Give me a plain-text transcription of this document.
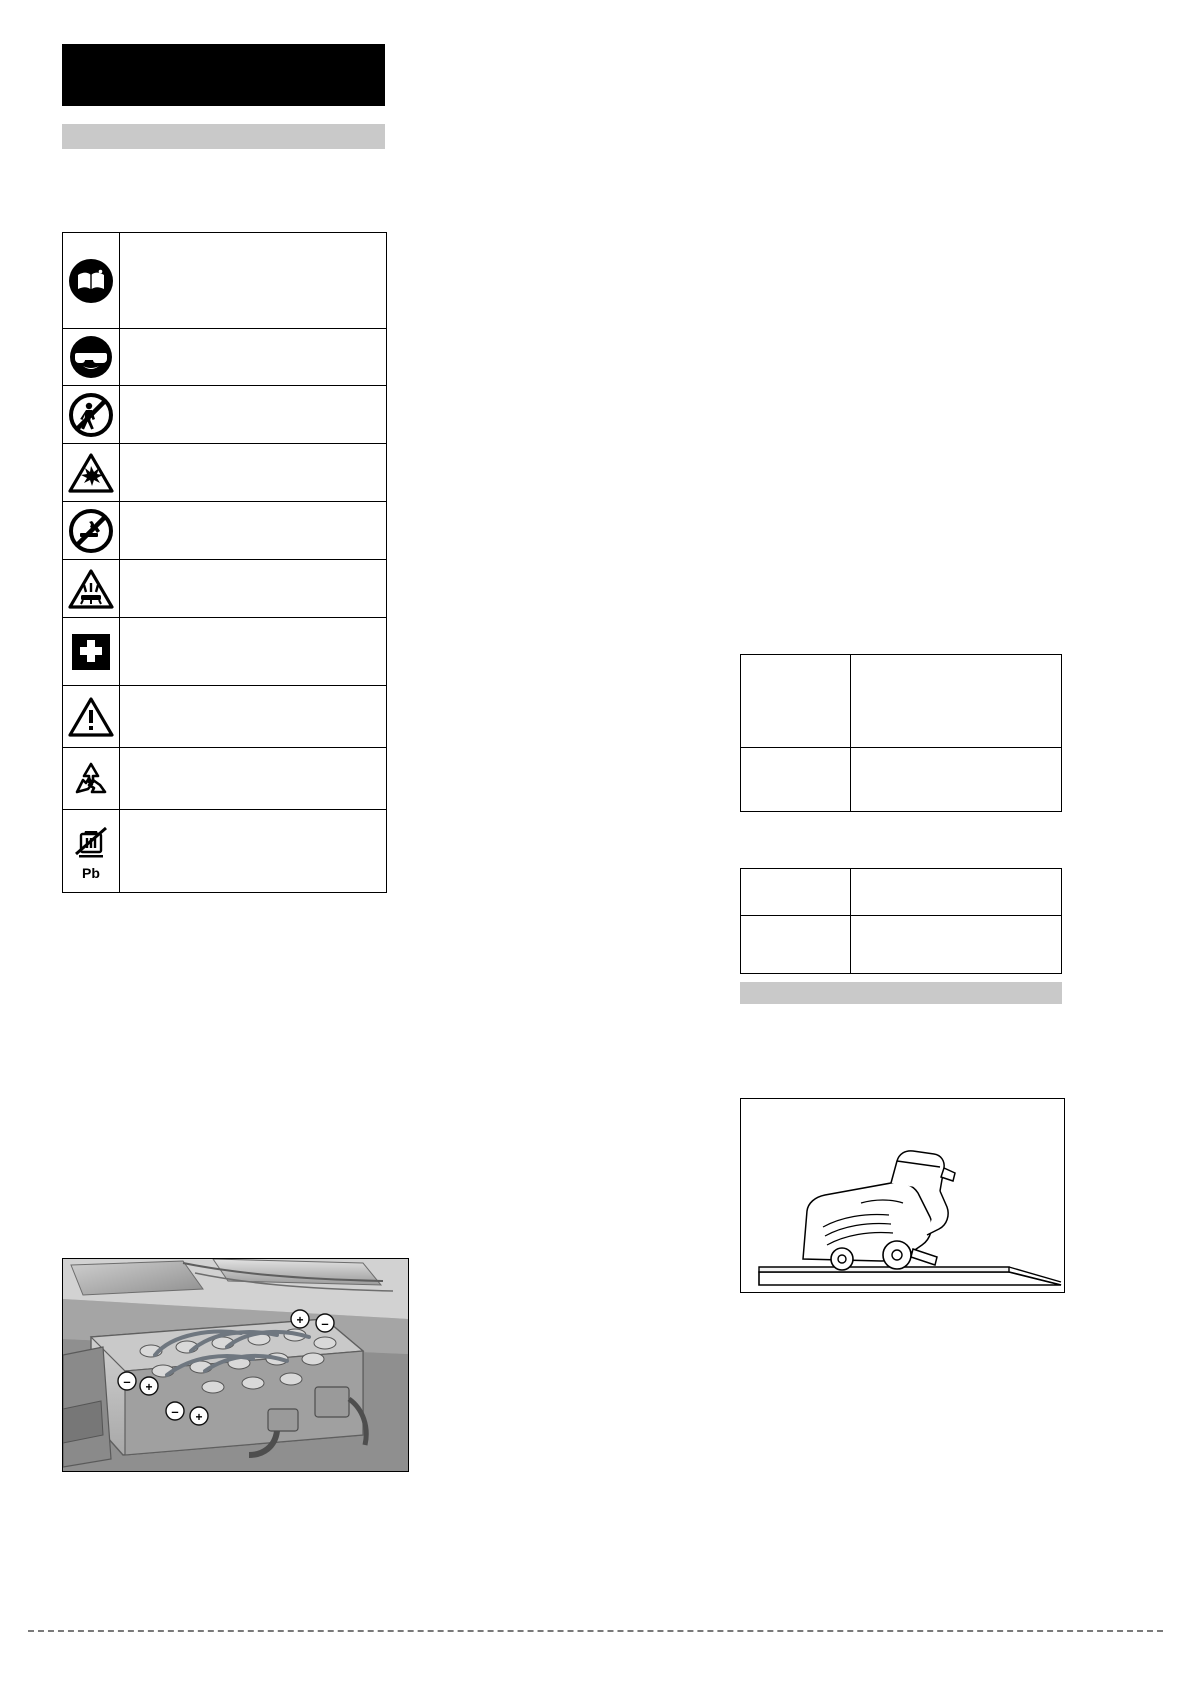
Pb
+ –
– +
– +
